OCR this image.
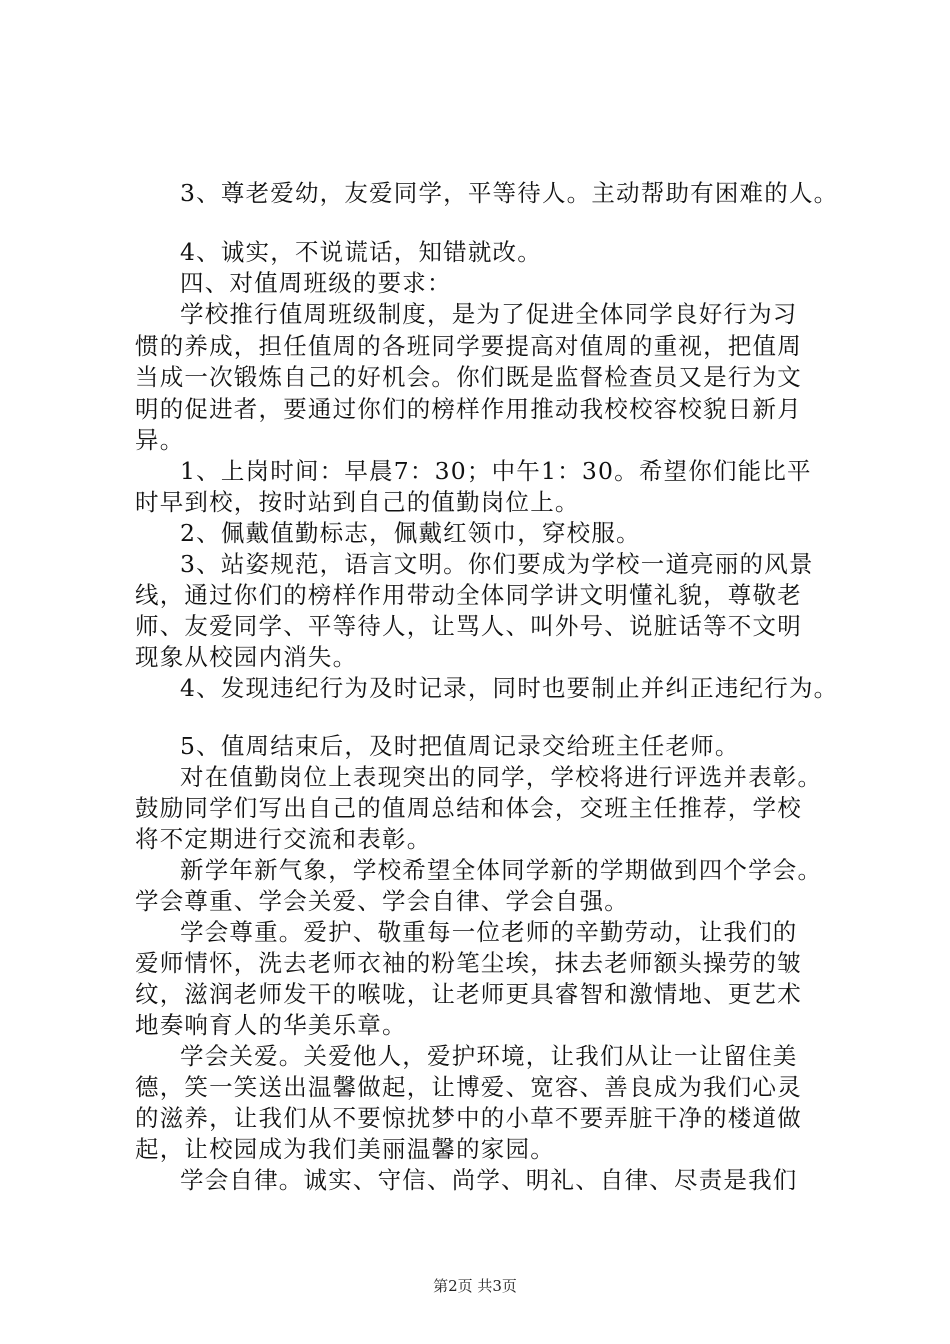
3、尊老爱幼，友爱同学，平等待人。主动帮助有困难的人。
4、诚实，不说谎话，知错就改。
四、对值周班级的要求：
学校推行值周班级制度，是为了促进全体同学良好行为习
惯的养成，担任值周的各班同学要提高对值周的重视，把值周
当成一次锻炼自己的好机会。你们既是监督检查员又是行为文
明的促进者，要通过你们的榜样作用推动我校校容校貌日新月
异。
1、上岗时间：早晨7：30；中午1：30。希望你们能比平
时早到校，按时站到自己的值勤岗位上。
2、佩戴值勤标志，佩戴红领巾，穿校服。
3、站姿规范，语言文明。你们要成为学校一道亮丽的风景
线，通过你们的榜样作用带动全体同学讲文明懂礼貌，尊敬老
师、友爱同学、平等待人，让骂人、叫外号、说脏话等不文明
现象从校园内消失。
4、发现违纪行为及时记录，同时也要制止并纠正违纪行为。
5、值周结束后，及时把值周记录交给班主任老师。
对在值勤岗位上表现突出的同学，学校将进行评选并表彰。
鼓励同学们写出自己的值周总结和体会，交班主任推荐，学校
将不定期进行交流和表彰。
新学年新气象，学校希望全体同学新的学期做到四个学会。
学会尊重、学会关爱、学会自律、学会自强。
学会尊重。爱护、敬重每一位老师的辛勤劳动，让我们的
爱师情怀，洗去老师衣袖的粉笔尘埃，抹去老师额头操劳的皱
纹，滋润老师发干的喉咙，让老师更具睿智和激情地、更艺术
地奏响育人的华美乐章。
学会关爱。关爱他人，爱护环境，让我们从让一让留住美
德，笑一笑送出温馨做起，让博爱、宽容、善良成为我们心灵
的滋养，让我们从不要惊扰梦中的小草不要弄脏干净的楼道做
起，让校园成为我们美丽温馨的家园。
学会自律。诚实、守信、尚学、明礼、自律、尽责是我们
第2页 共3页
